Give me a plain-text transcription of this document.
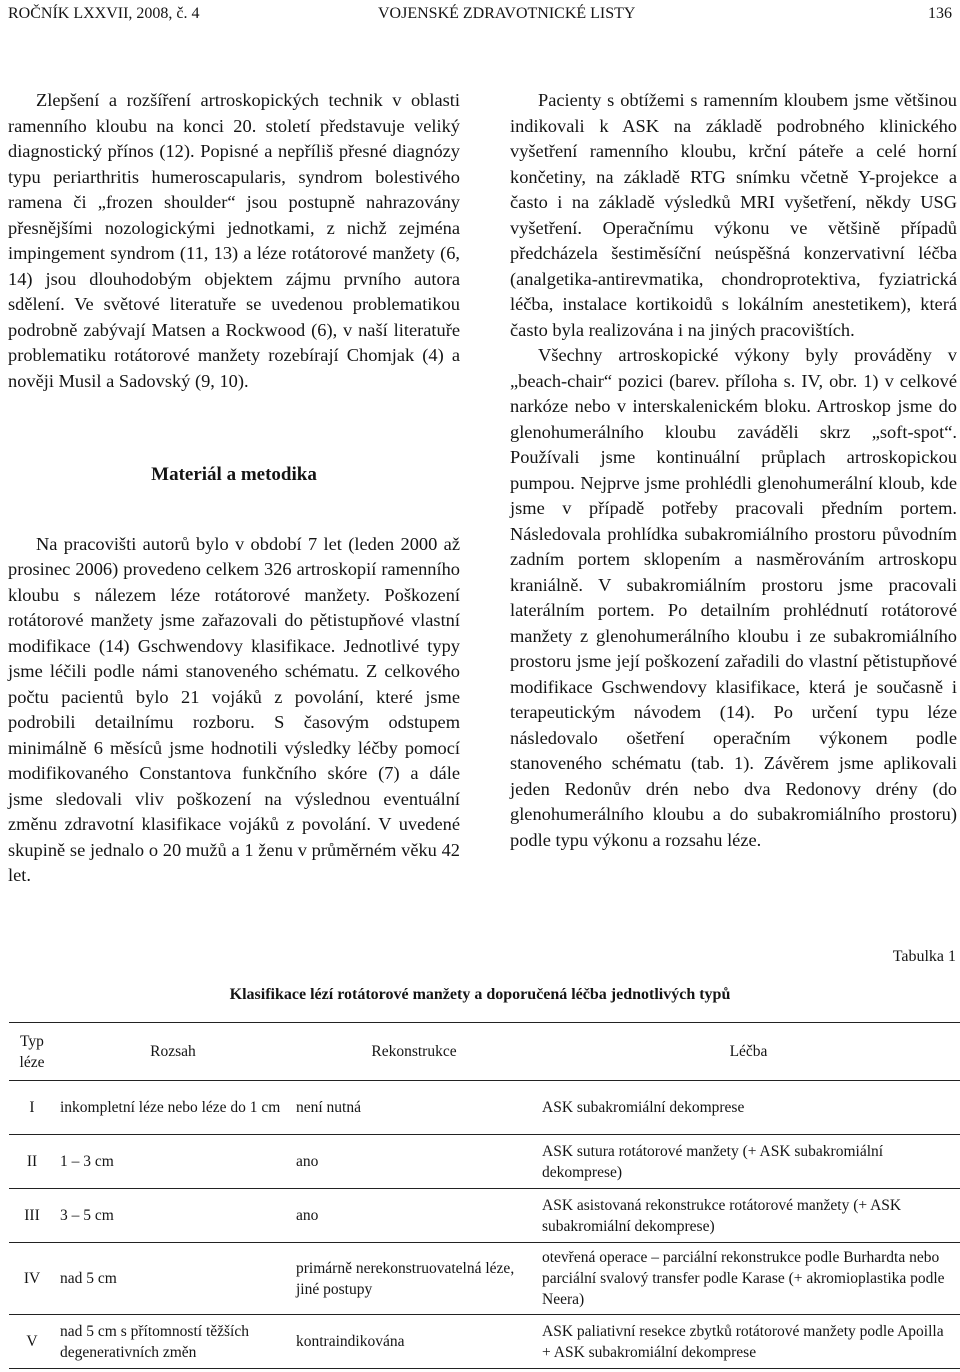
ROČNÍK LXXVII, 2008, č. 4	VOJENSKÉ ZDRAVOTNICKÉ LISTY	136

Zlepšení a rozšíření artroskopických technik v oblasti ramenního kloubu na konci 20. století představuje veliký diagnostický přínos (12). Popisné a nepříliš přesné diagnózy typu periarthritis humeroscapularis, syndrom bolestivého ramena či „frozen shoulder“ jsou postupně nahrazovány přesnějšími nozologickými jednotkami, z nichž zejména impingement syndrom (11, 13) a léze rotátorové manžety (6, 14) jsou dlouhodobým objektem zájmu prvního autora sdělení. Ve světové literatuře se uvedenou problematikou podrobně zabývají Matsen a Rockwood (6), v naší literatuře problematiku rotátorové manžety rozebírají Chomjak (4) a nověji Musil a Sadovský (9, 10).

Materiál a metodika

Na pracovišti autorů bylo v období 7 let (leden 2000 až prosinec 2006) provedeno celkem 326 artroskopií ramenního kloubu s nálezem léze rotátorové manžety. Poškození rotátorové manžety jsme zařazovali do pětistupňové vlastní modifikace (14) Gschwendovy klasifikace. Jednotlivé typy jsme léčili podle námi stanoveného schématu. Z celkového počtu pacientů bylo 21 vojáků z povolání, které jsme podrobili detailnímu rozboru. S časovým odstupem minimálně 6 měsíců jsme hodnotili výsledky léčby pomocí modifikovaného Constantova funkčního skóre (7) a dále jsme sledovali vliv poškození na výslednou eventuální změnu zdravotní klasifikace vojáků z povolání. V uvedené skupině se jednalo o 20 mužů a 1 ženu v průměrném věku 42 let.

Pacienty s obtížemi s ramenním kloubem jsme většinou indikovali k ASK na základě podrobného klinického vyšetření ramenního kloubu, krční páteře a celé horní končetiny, na základě RTG snímku včetně Y-projekce a často i na základě výsledků MRI vyšetření, někdy USG vyšetření. Operačnímu výkonu ve většině případů předcházela šestiměsíční neúspěšná konzervativní léčba (analgetika-antirevmatika, chondroprotektiva, fyziatrická léčba, instalace kortikoidů s lokálním anestetikem), která často byla realizována i na jiných pracovištích.

Všechny artroskopické výkony byly prováděny v „beach-chair“ pozici (barev. příloha s. IV, obr. 1) v celkové narkóze nebo v interskalenickém bloku. Artroskop jsme do glenohumerálního kloubu zaváděli skrz „soft-spot“. Používali jsme kontinuální průplach artroskopickou pumpou. Nejprve jsme prohlédli glenohumerální kloub, kde jsme v případě potřeby pracovali předním portem. Následovala prohlídka subakromiálního prostoru původním zadním portem sklopením a nasměrováním artroskopu kraniálně. V subakromiálním prostoru jsme pracovali laterálním portem. Po detailním prohlédnutí rotátorové manžety z glenohumerálního kloubu i ze subakromiálního prostoru jsme její poškození zařadili do vlastní pětistupňové modifikace Gschwendovy klasifikace, která je současně i terapeutickým návodem (14). Po určení typu léze následovalo ošetření operačním výkonem podle stanoveného schématu (tab. 1). Závěrem jsme aplikovali jeden Redonův drén nebo dva Redonovy drény (do glenohumerálního kloubu a do subakromiálního prostoru) podle typu výkonu a rozsahu léze.

Tabulka 1
Klasifikace lézí rotátorové manžety a doporučená léčba jednotlivých typů
Typ léze	Rozsah	Rekonstrukce	Léčba
I	inkompletní léze nebo léze do 1 cm	není nutná	ASK subakromiální dekomprese
II	1 – 3 cm	ano	ASK sutura rotátorové manžety (+ ASK subakromiální dekomprese)
III	3 – 5 cm	ano	ASK asistovaná rekonstrukce rotátorové manžety (+ ASK subakromiální dekomprese)
IV	nad 5 cm	primárně nerekonstruovatelná léze, jiné postupy	otevřená operace – parciální rekonstrukce podle Burhardta nebo parciální svalový transfer podle Karase (+ akromioplastika podle Neera)
V	nad 5 cm s přítomností těžších degenerativních změn	kontraindikována	ASK paliativní resekce zbytků rotátorové manžety podle Apoilla + ASK subakromiální dekomprese
